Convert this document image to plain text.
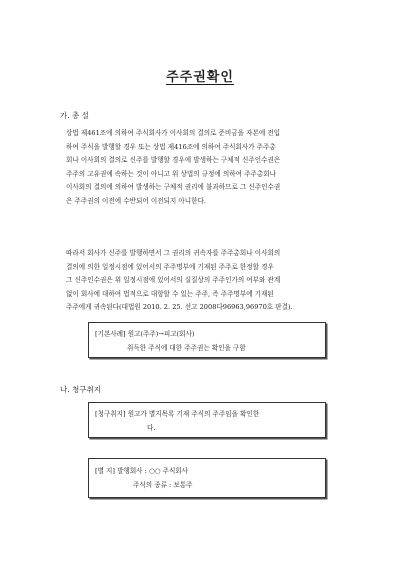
주주권확인
가. 총 설
상법 제461조에 의하여 주식회사가 이사회의 결의로 준비금을 자본에 전입
하여 주식을 발행할 경우 또는 상법 제416조에 의하여 주식회사가 주주총
회나 이사회의 결의로 신주를 발행할 경우에 발생하는 구체적 신주인수권은
주주의 고유권에 속하는 것이 아니고 위 상법의 규정에 의하여 주주총회나
이사회의 결의에 의하여 발생하는 구체적 권리에 불과하므로 그 신주인수권
은 주주권의 이전에 수반되어 이전되지 아니한다.
따라서 회사가 신주를 발행하면서 그 권리의 귀속자를 주주총회나 이사회의
결의에 의한 일정시점에 있어서의 주주명부에 기재된 주주로 한정할 경우
그 신주인수권은 위 일정시점에 있어서의 실질상의 주주인가의 여부와 관계
없이 회사에 대하여 법적으로 대항할 수 있는 주주, 즉 주주명부에 기재된
주주에게 귀속된다(대법원 2010. 2. 25. 선고 2008다96963,96970호 판결).
[기본사례] 원고(주주)→피고(회사)
취득한 주식에 대한 주주권는 확인을 구함
나. 청구취지
[청구취지] 원고가 별지목록 기재 주식의 주주임을 확인한
다.
[별 지] 발행회사 : ○○ 주식회사
주식의 종류 : 보통주
